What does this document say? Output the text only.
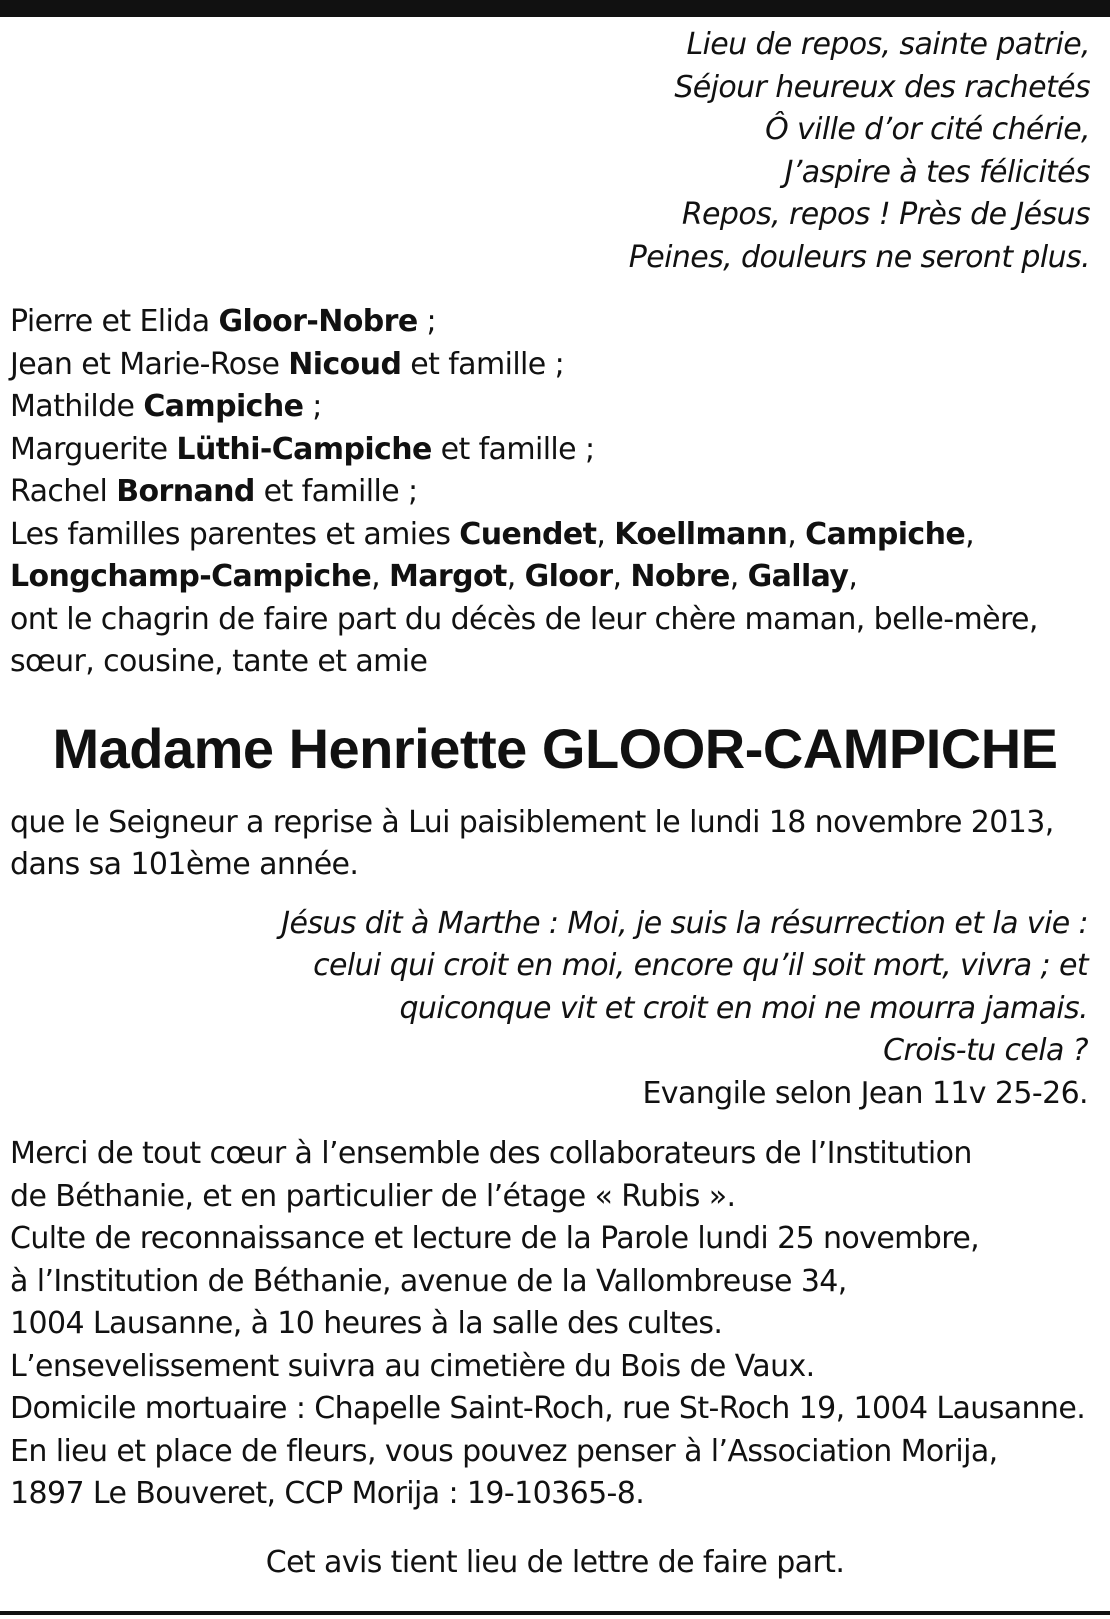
Lieu de repos, sainte patrie,
Séjour heureux des rachetés
Ô ville d’or cité chérie,
J’aspire à tes félicités
Repos, repos ! Près de Jésus
Peines, douleurs ne seront plus.
Pierre et Elida Gloor-Nobre ;
Jean et Marie-Rose Nicoud et famille ;
Mathilde Campiche ;
Marguerite Lüthi-Campiche et famille ;
Rachel Bornand et famille ;
Les familles parentes et amies Cuendet, Koellmann, Campiche,
Longchamp-Campiche, Margot, Gloor, Nobre, Gallay,
ont le chagrin de faire part du décès de leur chère maman, belle-mère,
sœur, cousine, tante et amie
Madame Henriette GLOOR-CAMPICHE
que le Seigneur a reprise à Lui paisiblement le lundi 18 novembre 2013,
dans sa 101ème année.
Jésus dit à Marthe : Moi, je suis la résurrection et la vie :
celui qui croit en moi, encore qu’il soit mort, vivra ; et
quiconque vit et croit en moi ne mourra jamais.
Crois-tu cela ?
Evangile selon Jean 11v 25-26.
Merci de tout cœur à l’ensemble des collaborateurs de l’Institution
de Béthanie, et en particulier de l’étage « Rubis ».
Culte de reconnaissance et lecture de la Parole lundi 25 novembre,
à l’Institution de Béthanie, avenue de la Vallombreuse 34,
1004 Lausanne, à 10 heures à la salle des cultes.
L’ensevelissement suivra au cimetière du Bois de Vaux.
Domicile mortuaire : Chapelle Saint-Roch, rue St-Roch 19, 1004 Lausanne.
En lieu et place de fleurs, vous pouvez penser à l’Association Morija,
1897 Le Bouveret, CCP Morija : 19-10365-8.
Cet avis tient lieu de lettre de faire part.
